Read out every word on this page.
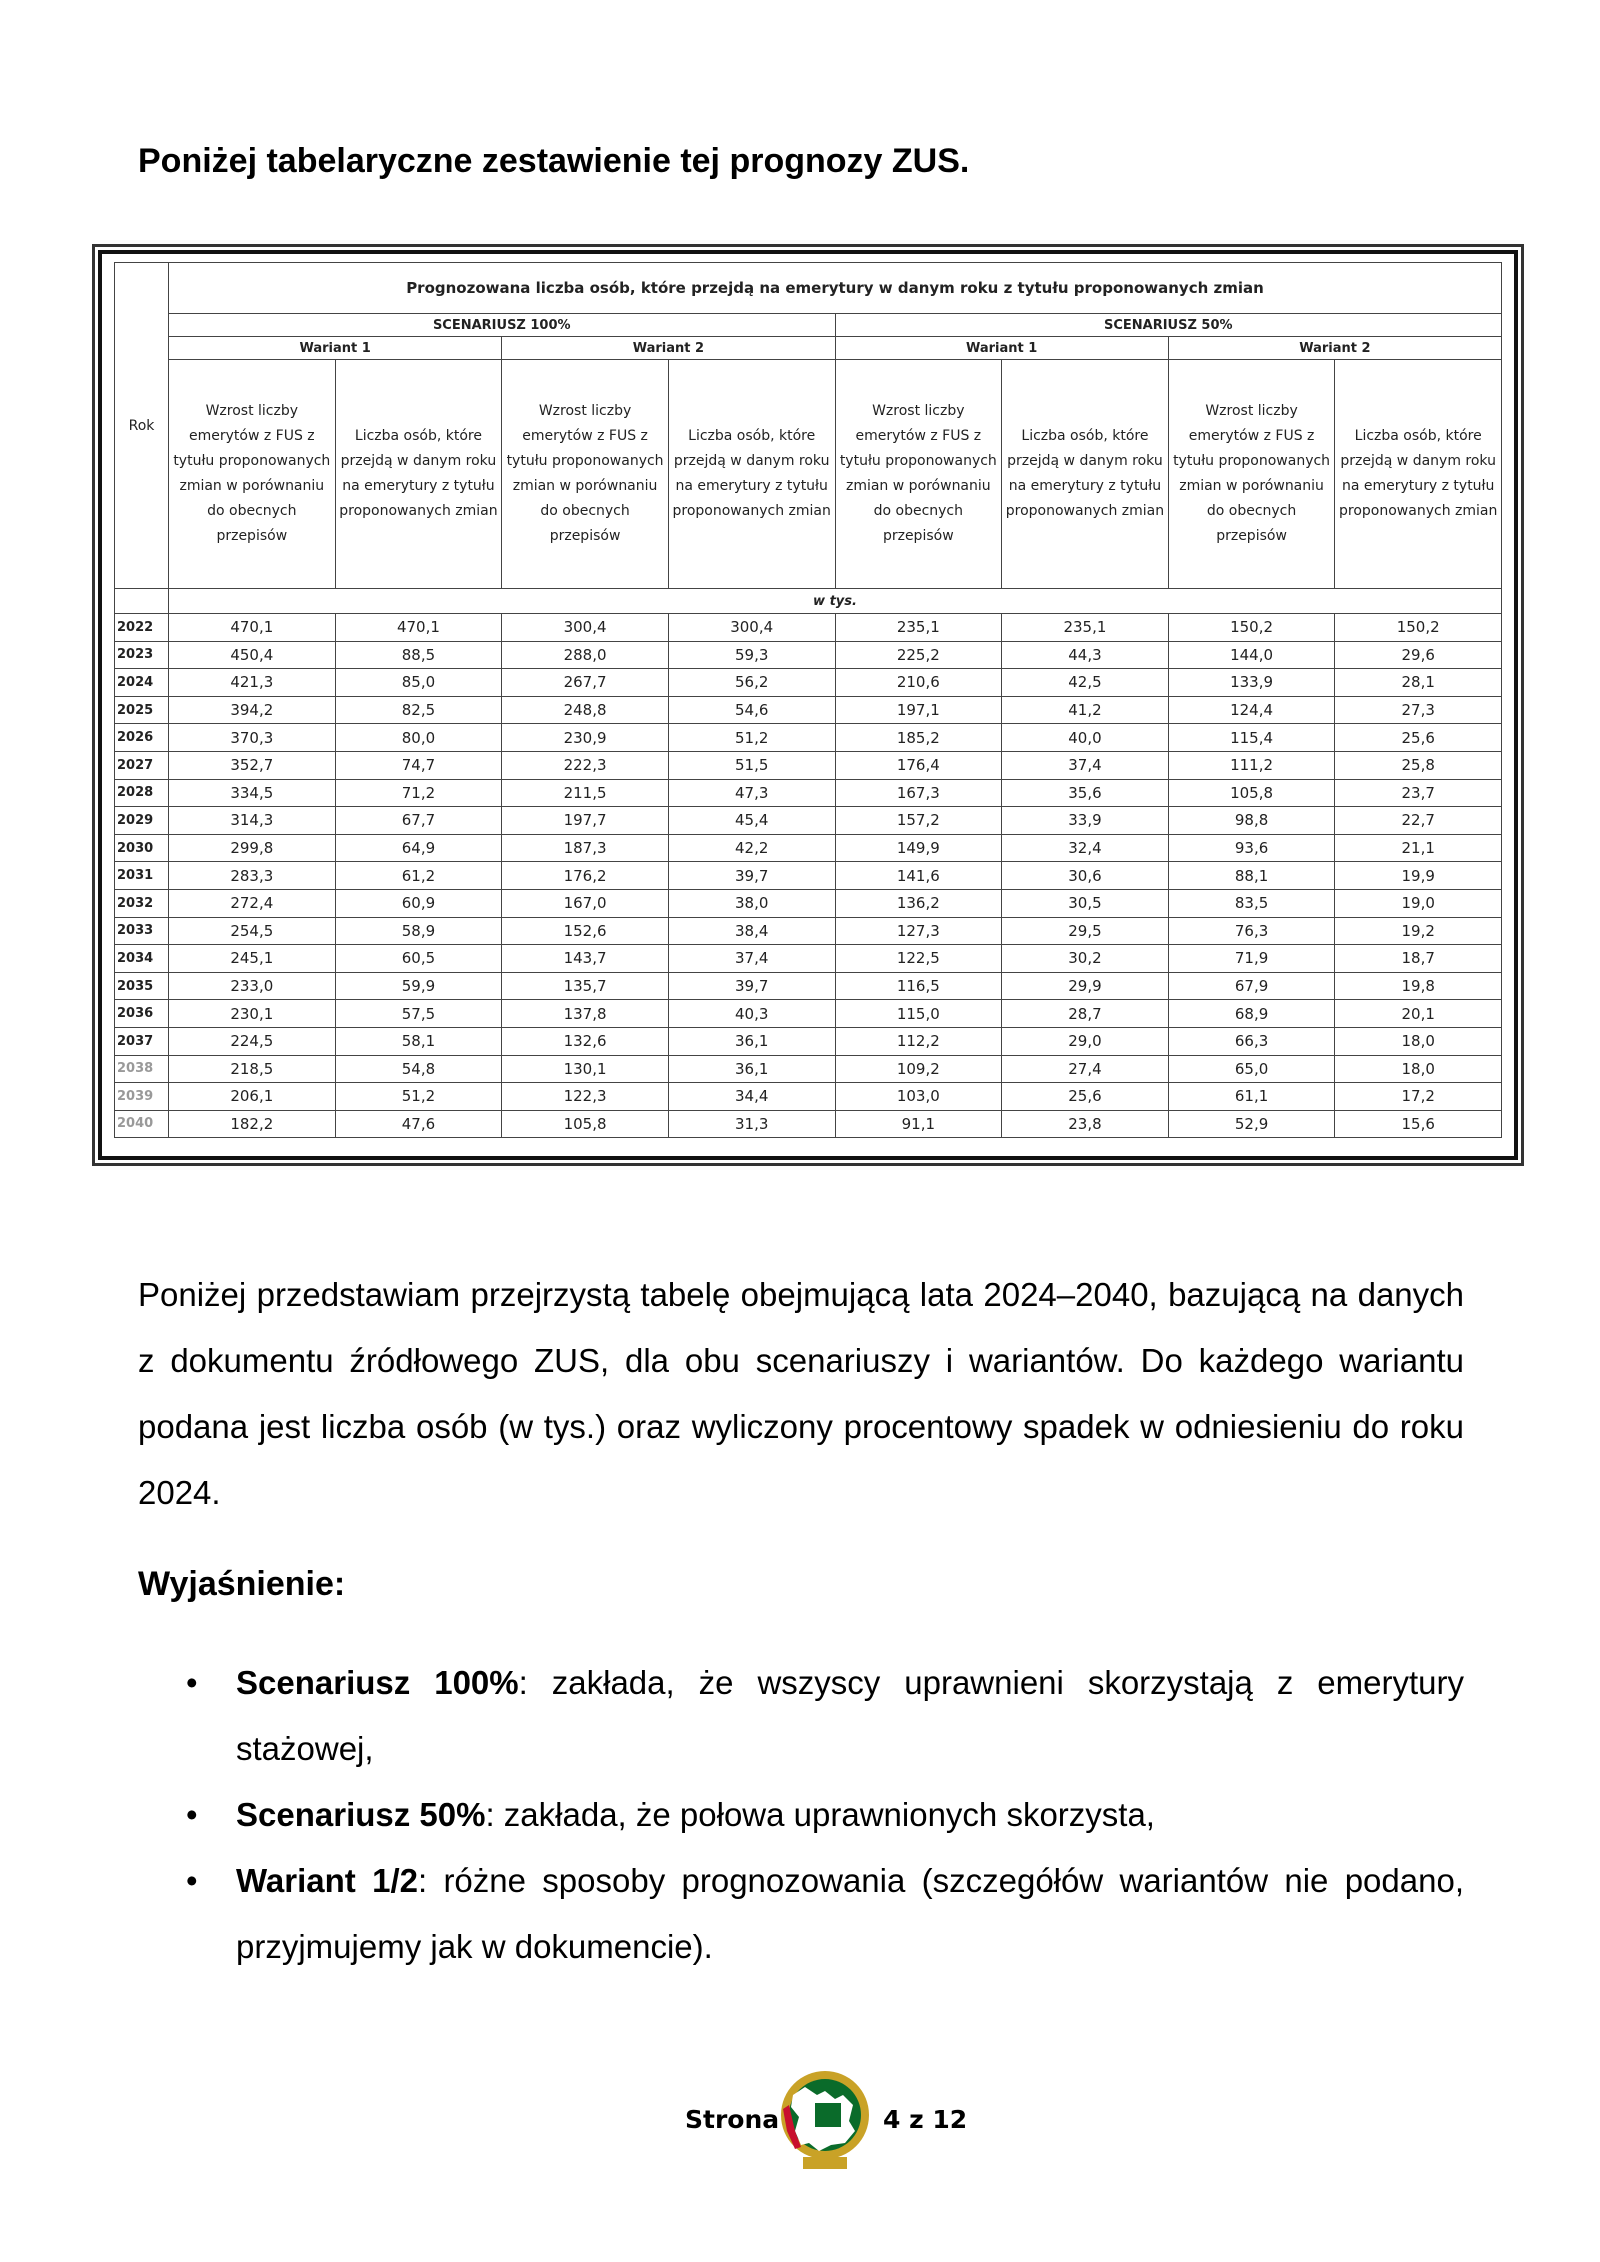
Poniżej tabelaryczne zestawienie tej prognozy ZUS.
Rok	Prognozowana liczba osób, które przejdą na emerytury w danym roku z tytułu proponowanych zmian							
	SCENARIUSZ 100%				SCENARIUSZ 50%			
	Wariant 1		Wariant 2		Wariant 1		Wariant 2	
	Wzrost liczby emerytów z FUS z tytułu proponowanych zmian w porównaniu do obecnych przepisów	Liczba osób, które przejdą w danym roku na emerytury z tytułu proponowanych zmian	Wzrost liczby emerytów z FUS z tytułu proponowanych zmian w porównaniu do obecnych przepisów	Liczba osób, które przejdą w danym roku na emerytury z tytułu proponowanych zmian	Wzrost liczby emerytów z FUS z tytułu proponowanych zmian w porównaniu do obecnych przepisów	Liczba osób, które przejdą w danym roku na emerytury z tytułu proponowanych zmian	Wzrost liczby emerytów z FUS z tytułu proponowanych zmian w porównaniu do obecnych przepisów	Liczba osób, które przejdą w danym roku na emerytury z tytułu proponowanych zmian
	w tys.							
2022	470,1	470,1	300,4	300,4	235,1	235,1	150,2	150,2
2023	450,4	88,5	288,0	59,3	225,2	44,3	144,0	29,6
2024	421,3	85,0	267,7	56,2	210,6	42,5	133,9	28,1
2025	394,2	82,5	248,8	54,6	197,1	41,2	124,4	27,3
2026	370,3	80,0	230,9	51,2	185,2	40,0	115,4	25,6
2027	352,7	74,7	222,3	51,5	176,4	37,4	111,2	25,8
2028	334,5	71,2	211,5	47,3	167,3	35,6	105,8	23,7
2029	314,3	67,7	197,7	45,4	157,2	33,9	98,8	22,7
2030	299,8	64,9	187,3	42,2	149,9	32,4	93,6	21,1
2031	283,3	61,2	176,2	39,7	141,6	30,6	88,1	19,9
2032	272,4	60,9	167,0	38,0	136,2	30,5	83,5	19,0
2033	254,5	58,9	152,6	38,4	127,3	29,5	76,3	19,2
2034	245,1	60,5	143,7	37,4	122,5	30,2	71,9	18,7
2035	233,0	59,9	135,7	39,7	116,5	29,9	67,9	19,8
2036	230,1	57,5	137,8	40,3	115,0	28,7	68,9	20,1
2037	224,5	58,1	132,6	36,1	112,2	29,0	66,3	18,0
2038	218,5	54,8	130,1	36,1	109,2	27,4	65,0	18,0
2039	206,1	51,2	122,3	34,4	103,0	25,6	61,1	17,2
2040	182,2	47,6	105,8	31,3	91,1	23,8	52,9	15,6

Poniżej przedstawiam przejrzystą tabelę obejmującą lata 2024–2040, bazującą na danych z dokumentu źródłowego ZUS, dla obu scenariuszy i wariantów. Do każdego wariantu podana jest liczba osób (w tys.) oraz wyliczony procentowy spadek w odniesieniu do roku 2024.

Wyjaśnienie:
• Scenariusz 100%: zakłada, że wszyscy uprawnieni skorzystają z emerytury stażowej,
• Scenariusz 50%: zakłada, że połowa uprawnionych skorzysta,
• Wariant 1/2: różne sposoby prognozowania (szczegółów wariantów nie podano, przyjmujemy jak w dokumencie).
Strona	4 z 12
